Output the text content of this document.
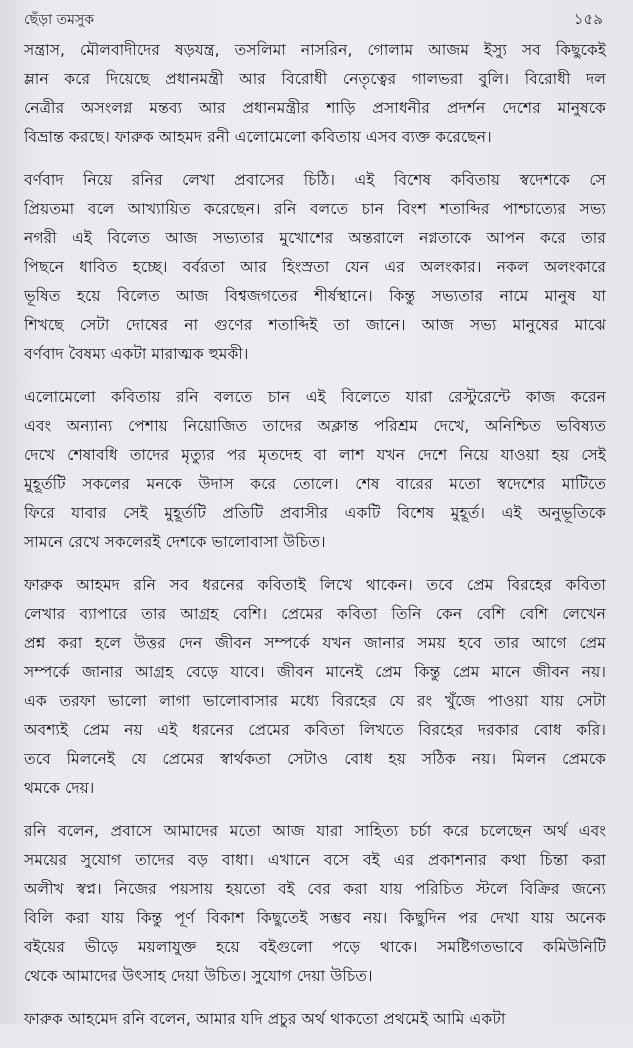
ছেঁড়া তমসুক	১৫৯

সন্ত্রাস, মৌলবাদীদের ষড়যন্ত্র, তসলিমা নাসরিন, গোলাম আজম ইস্যু সব কিছুকেই
ম্লান করে দিয়েছে প্রধানমন্ত্রী আর বিরোধী নেতৃত্বের গালভরা বুলি। বিরোধী দল
নেত্রীর অসংলগ্ন মন্তব্য আর প্রধানমন্ত্রীর শাড়ি প্রসাধনীর প্রদর্শন দেশের মানুষকে
বিভ্রান্ত করছে। ফারুক আহমদ রনী এলোমেলো কবিতায় এসব ব্যক্ত করেছেন।

বর্ণবাদ নিয়ে রনির লেখা প্রবাসের চিঠি। এই বিশেষ কবিতায় স্বদেশকে সে
প্রিয়তমা বলে আখ্যায়িত করেছেন। রনি বলতে চান বিংশ শতাব্দির পাশ্চাত্যের সভ্য
নগরী এই বিলেত আজ সভ্যতার মুখোশের অন্তরালে নগ্নতাকে আপন করে তার
পিছনে ধাবিত হচ্ছে। বর্বরতা আর হিংস্রতা যেন এর অলংকার। নকল অলংকারে
ভূষিত হয়ে বিলেত আজ বিশ্বজগতের শীর্ষস্থানে। কিন্তু সভ্যতার নামে মানুষ যা
শিখছে সেটা দোষের না গুণের শতাব্দিই তা জানে। আজ সভ্য মানুষের মাঝে
বর্ণবাদ বৈষম্য একটা মারাত্মক হুমকী।

এলোমেলো কবিতায় রনি বলতে চান এই বিলেতে যারা রেস্টুরেন্টে কাজ করেন
এবং অন্যান্য পেশায় নিয়োজিত তাদের অক্লান্ত পরিশ্রম দেখে, অনিশ্চিত ভবিষ্যত
দেখে শেষাবধি তাদের মৃত্যুর পর মৃতদেহ বা লাশ যখন দেশে নিয়ে যাওয়া হয় সেই
মুহূর্তটি সকলের মনকে উদাস করে তোলে। শেষ বারের মতো স্বদেশের মাটিতে
ফিরে যাবার সেই মুহূর্তটি প্রতিটি প্রবাসীর একটি বিশেষ মুহূর্ত। এই অনুভূতিকে
সামনে রেখে সকলেরই দেশকে ভালোবাসা উচিত।

ফারুক আহমদ রনি সব ধরনের কবিতাই লিখে থাকেন। তবে প্রেম বিরহের কবিতা
লেখার ব্যাপারে তার আগ্রহ বেশি। প্রেমের কবিতা তিনি কেন বেশি বেশি লেখেন
প্রশ্ন করা হলে উত্তর দেন জীবন সম্পর্কে যখন জানার সময় হবে তার আগে প্রেম
সম্পর্কে জানার আগ্রহ বেড়ে যাবে। জীবন মানেই প্রেম কিন্তু প্রেম মানে জীবন নয়।
এক তরফা ভালো লাগা ভালোবাসার মধ্যে বিরহের যে রং খুঁজে পাওয়া যায় সেটা
অবশ্যই প্রেম নয় এই ধরনের প্রেমের কবিতা লিখতে বিরহের দরকার বোধ করি।
তবে মিলনেই যে প্রেমের স্বার্থকতা সেটাও বোধ হয় সঠিক নয়। মিলন প্রেমকে
থমকে দেয়।

রনি বলেন, প্রবাসে আমাদের মতো আজ যারা সাহিত্য চর্চা করে চলেছেন অর্থ এবং
সময়ের সুযোগ তাদের বড় বাধা। এখানে বসে বই এর প্রকাশনার কথা চিন্তা করা
অলীখ স্বপ্ন। নিজের পয়সায় হয়তো বই বের করা যায় পরিচিত স্টলে বিক্রির জন্যে
বিলি করা যায় কিন্তু পূর্ণ বিকাশ কিছুতেই সম্ভব নয়। কিছুদিন পর দেখা যায় অনেক
বইয়ের ভীড়ে ময়লাযুক্ত হয়ে বইগুলো পড়ে থাকে। সমষ্টিগতভাবে কমিউনিটি
থেকে আমাদের উৎসাহ দেয়া উচিত। সুযোগ দেয়া উচিত।

ফারুক আহমেদ রনি বলেন, আমার যদি প্রচুর অর্থ থাকতো প্রথমেই আমি একটা
